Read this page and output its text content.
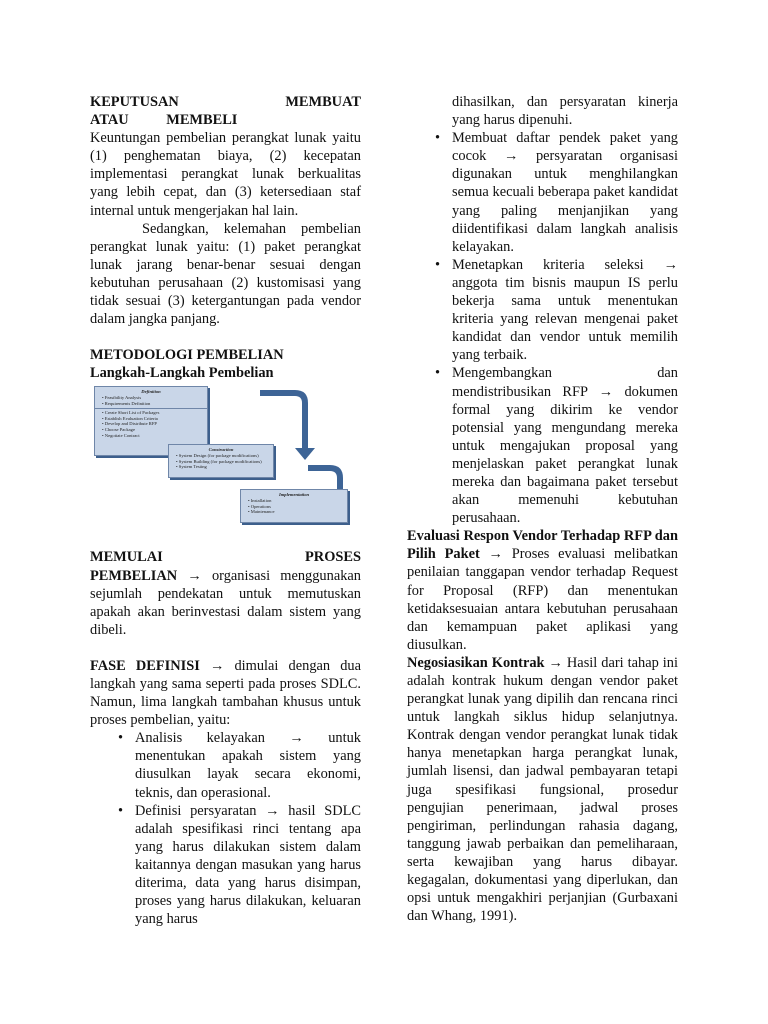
KEPUTUSAN MEMBUAT ATAU MEMBELI

Keuntungan pembelian perangkat lunak yaitu (1) penghematan biaya, (2) kecepatan implementasi perangkat lunak berkualitas yang lebih cepat, dan (3) ketersediaan staf internal untuk mengerjakan hal lain.

Sedangkan, kelemahan pembelian perangkat lunak yaitu: (1) paket perangkat lunak jarang benar-benar sesuai dengan kebutuhan perusahaan (2) kustomisasi yang tidak sesuai (3) ketergantungan pada vendor dalam jangka panjang.

METODOLOGI PEMBELIAN

Langkah-Langkah Pembelian

Definition
• Feasibility Analysis
• Requirements Definition
• Create Short List of Packages
• Establish Evaluation Criteria
• Develop and Distribute RFP
• Choose Package
• Negotiate Contract
Construction
• System Design (for package modifications)
• System Building (for package modifications)
• System Testing
Implementation
• Installation
• Operations
• Maintenance

MEMULAI PROSES PEMBELIAN → organisasi menggunakan sejumlah pendekatan untuk memutuskan apakah akan berinvestasi dalam sistem yang dibeli.

FASE DEFINISI → dimulai dengan dua langkah yang sama seperti pada proses SDLC. Namun, lima langkah tambahan khusus untuk proses pembelian, yaitu:

• Analisis kelayakan → untuk menentukan apakah sistem yang diusulkan layak secara ekonomi, teknis, dan operasional.
• Definisi persyaratan → hasil SDLC adalah spesifikasi rinci tentang apa yang harus dilakukan sistem dalam kaitannya dengan masukan yang harus diterima, data yang harus disimpan, proses yang harus dilakukan, keluaran yang harus
dihasilkan, dan persyaratan kinerja yang harus dipenuhi.
• Membuat daftar pendek paket yang cocok → persyaratan organisasi digunakan untuk menghilangkan semua kecuali beberapa paket kandidat yang paling menjanjikan yang diidentifikasi dalam langkah analisis kelayakan.
• Menetapkan kriteria seleksi → anggota tim bisnis maupun IS perlu bekerja sama untuk menentukan kriteria yang relevan mengenai paket kandidat dan vendor untuk memilih yang terbaik.
• Mengembangkan dan mendistribusikan RFP → dokumen formal yang dikirim ke vendor potensial yang mengundang mereka untuk mengajukan proposal yang menjelaskan paket perangkat lunak mereka dan bagaimana paket tersebut akan memenuhi kebutuhan perusahaan.

Evaluasi Respon Vendor Terhadap RFP dan Pilih Paket → Proses evaluasi melibatkan penilaian tanggapan vendor terhadap Request for Proposal (RFP) dan menentukan ketidaksesuaian antara kebutuhan perusahaan dan kemampuan paket aplikasi yang diusulkan.

Negosiasikan Kontrak → Hasil dari tahap ini adalah kontrak hukum dengan vendor paket perangkat lunak yang dipilih dan rencana rinci untuk langkah siklus hidup selanjutnya. Kontrak dengan vendor perangkat lunak tidak hanya menetapkan harga perangkat lunak, jumlah lisensi, dan jadwal pembayaran tetapi juga spesifikasi fungsional, prosedur pengujian penerimaan, jadwal proses pengiriman, perlindungan rahasia dagang, tanggung jawab perbaikan dan pemeliharaan, serta kewajiban yang harus dibayar. kegagalan, dokumentasi yang diperlukan, dan opsi untuk mengakhiri perjanjian (Gurbaxani dan Whang, 1991).
